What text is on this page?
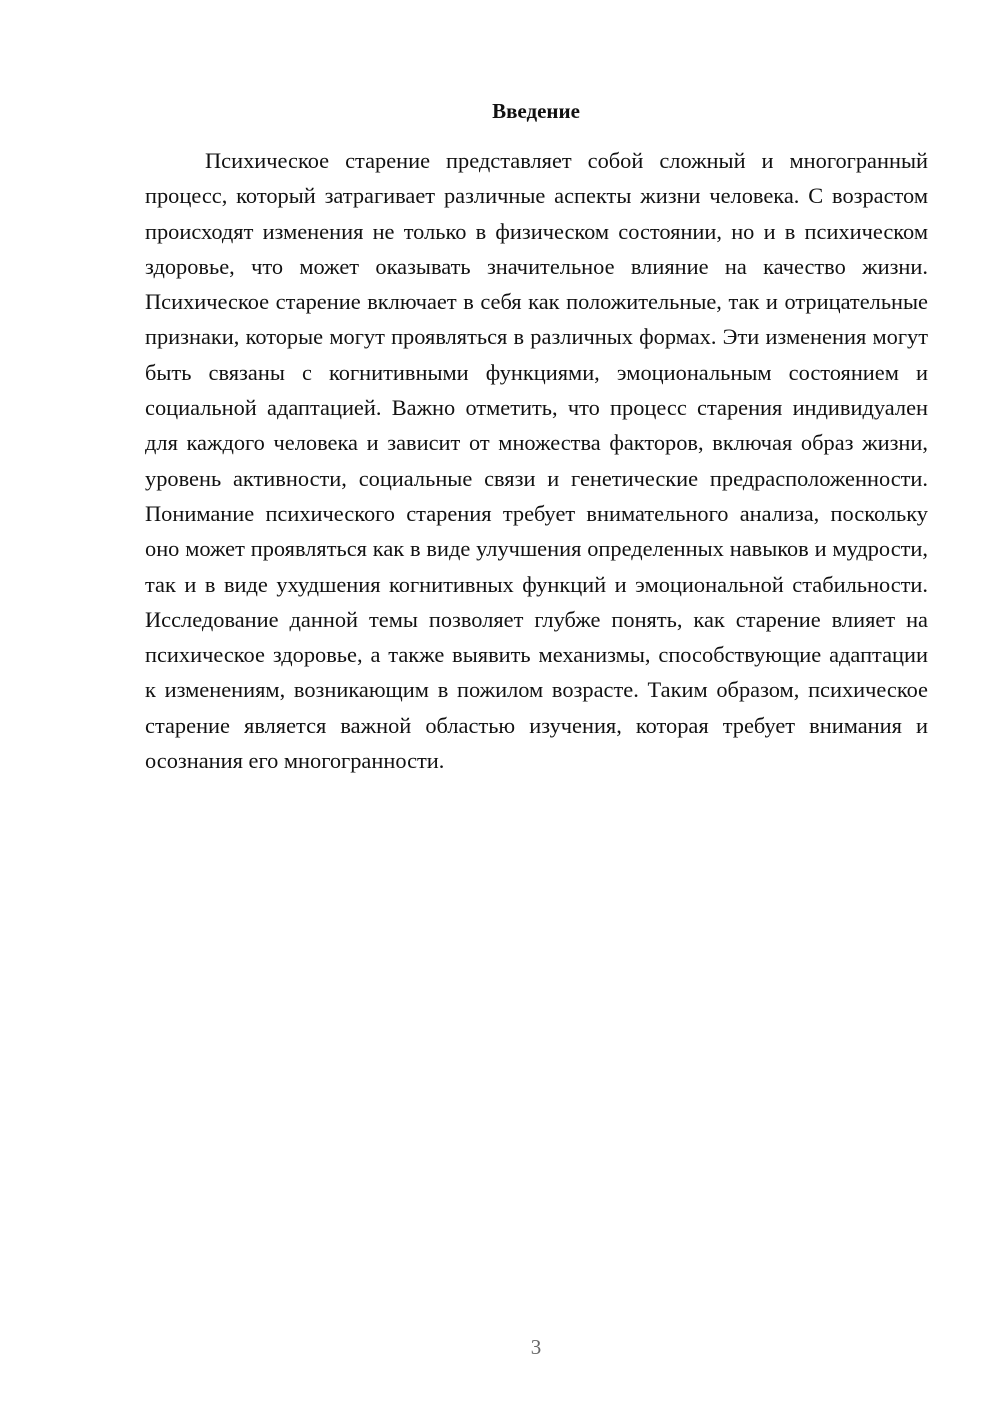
Введение

Психическое старение представляет собой сложный и многогранный процесс, который затрагивает различные аспекты жизни человека. С возрастом происходят изменения не только в физическом состоянии, но и в психическом здоровье, что может оказывать значительное влияние на качество жизни. Психическое старение включает в себя как положительные, так и отрицательные признаки, которые могут проявляться в различных формах. Эти изменения могут быть связаны с когнитивными функциями, эмоциональным состоянием и социальной адаптацией. Важно отметить, что процесс старения индивидуален для каждого человека и зависит от множества факторов, включая образ жизни, уровень активности, социальные связи и генетические предрасположенности. Понимание психического старения требует внимательного анализа, поскольку оно может проявляться как в виде улучшения определенных навыков и мудрости, так и в виде ухудшения когнитивных функций и эмоциональной стабильности. Исследование данной темы позволяет глубже понять, как старение влияет на психическое здоровье, а также выявить механизмы, способствующие адаптации к изменениям, возникающим в пожилом возрасте. Таким образом, психическое старение является важной областью изучения, которая требует внимания и осознания его многогранности.

3
